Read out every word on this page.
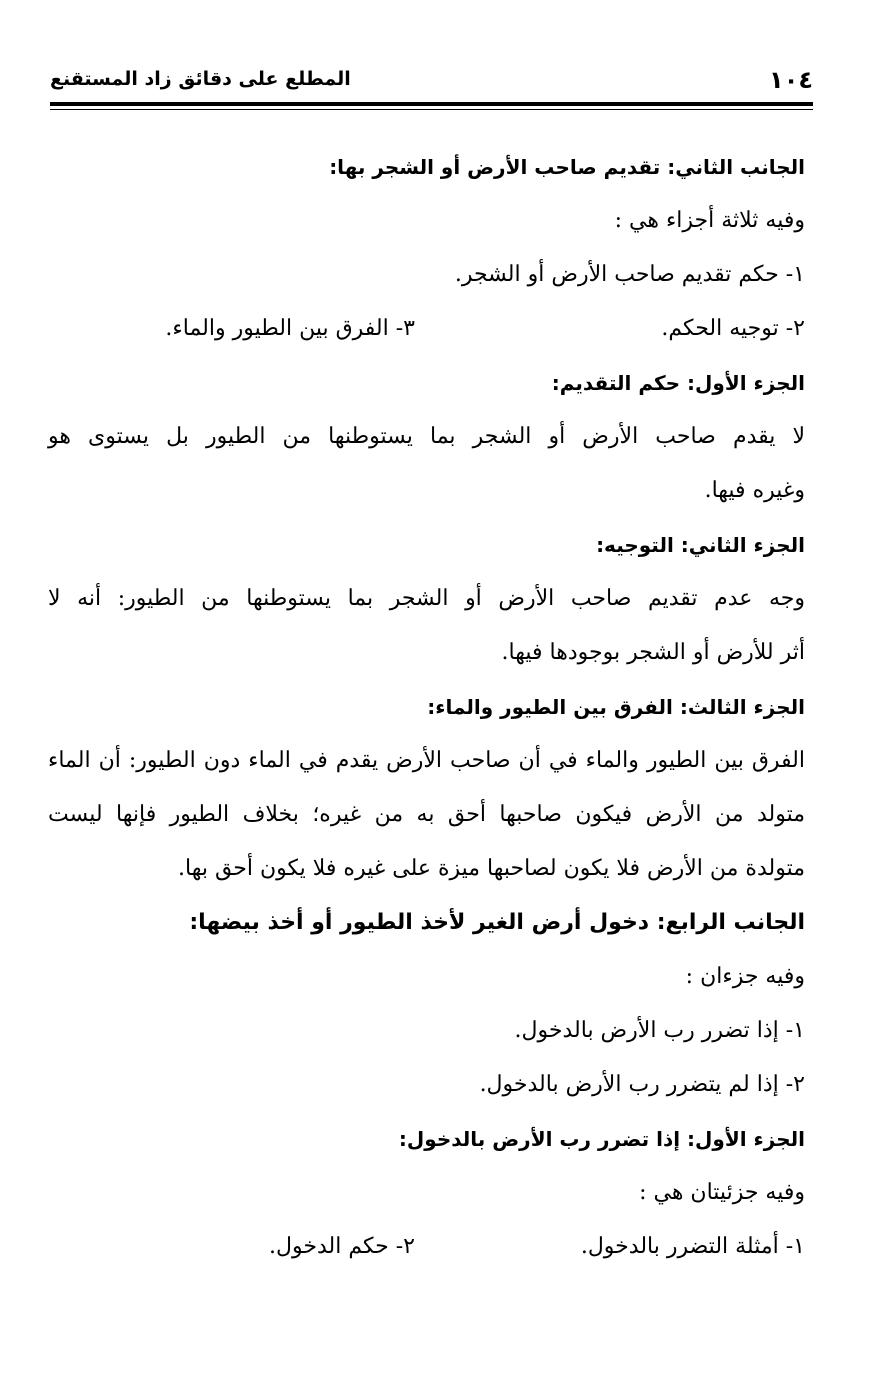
١٠٤
المطلع على دقائق زاد المستقنع
الجانب الثاني: تقديم صاحب الأرض أو الشجر بها:
وفيه ثلاثة أجزاء هي :
١- حكم تقديم صاحب الأرض أو الشجر.
٢- توجيه الحكم.
٣- الفرق بين الطيور والماء.
الجزء الأول: حكم التقديم:
لا يقدم صاحب الأرض أو الشجر بما يستوطنها من الطيور بل يستوى هو
وغيره فيها.
الجزء الثاني: التوجيه:
وجه عدم تقديم صاحب الأرض أو الشجر بما يستوطنها من الطيور: أنه لا
أثر للأرض أو الشجر بوجودها فيها.
الجزء الثالث: الفرق بين الطيور والماء:
الفرق بين الطيور والماء في أن صاحب الأرض يقدم في الماء دون الطيور: أن الماء
متولد من الأرض فيكون صاحبها أحق به من غيره؛ بخلاف الطيور فإنها ليست
متولدة من الأرض فلا يكون لصاحبها ميزة على غيره فلا يكون أحق بها.
الجانب الرابع: دخول أرض الغير لأخذ الطيور أو أخذ بيضها:
وفيه جزءان :
١- إذا تضرر رب الأرض بالدخول.
٢- إذا لم يتضرر رب الأرض بالدخول.
الجزء الأول: إذا تضرر رب الأرض بالدخول:
وفيه جزئيتان هي :
١- أمثلة التضرر بالدخول.
٢- حكم الدخول.
